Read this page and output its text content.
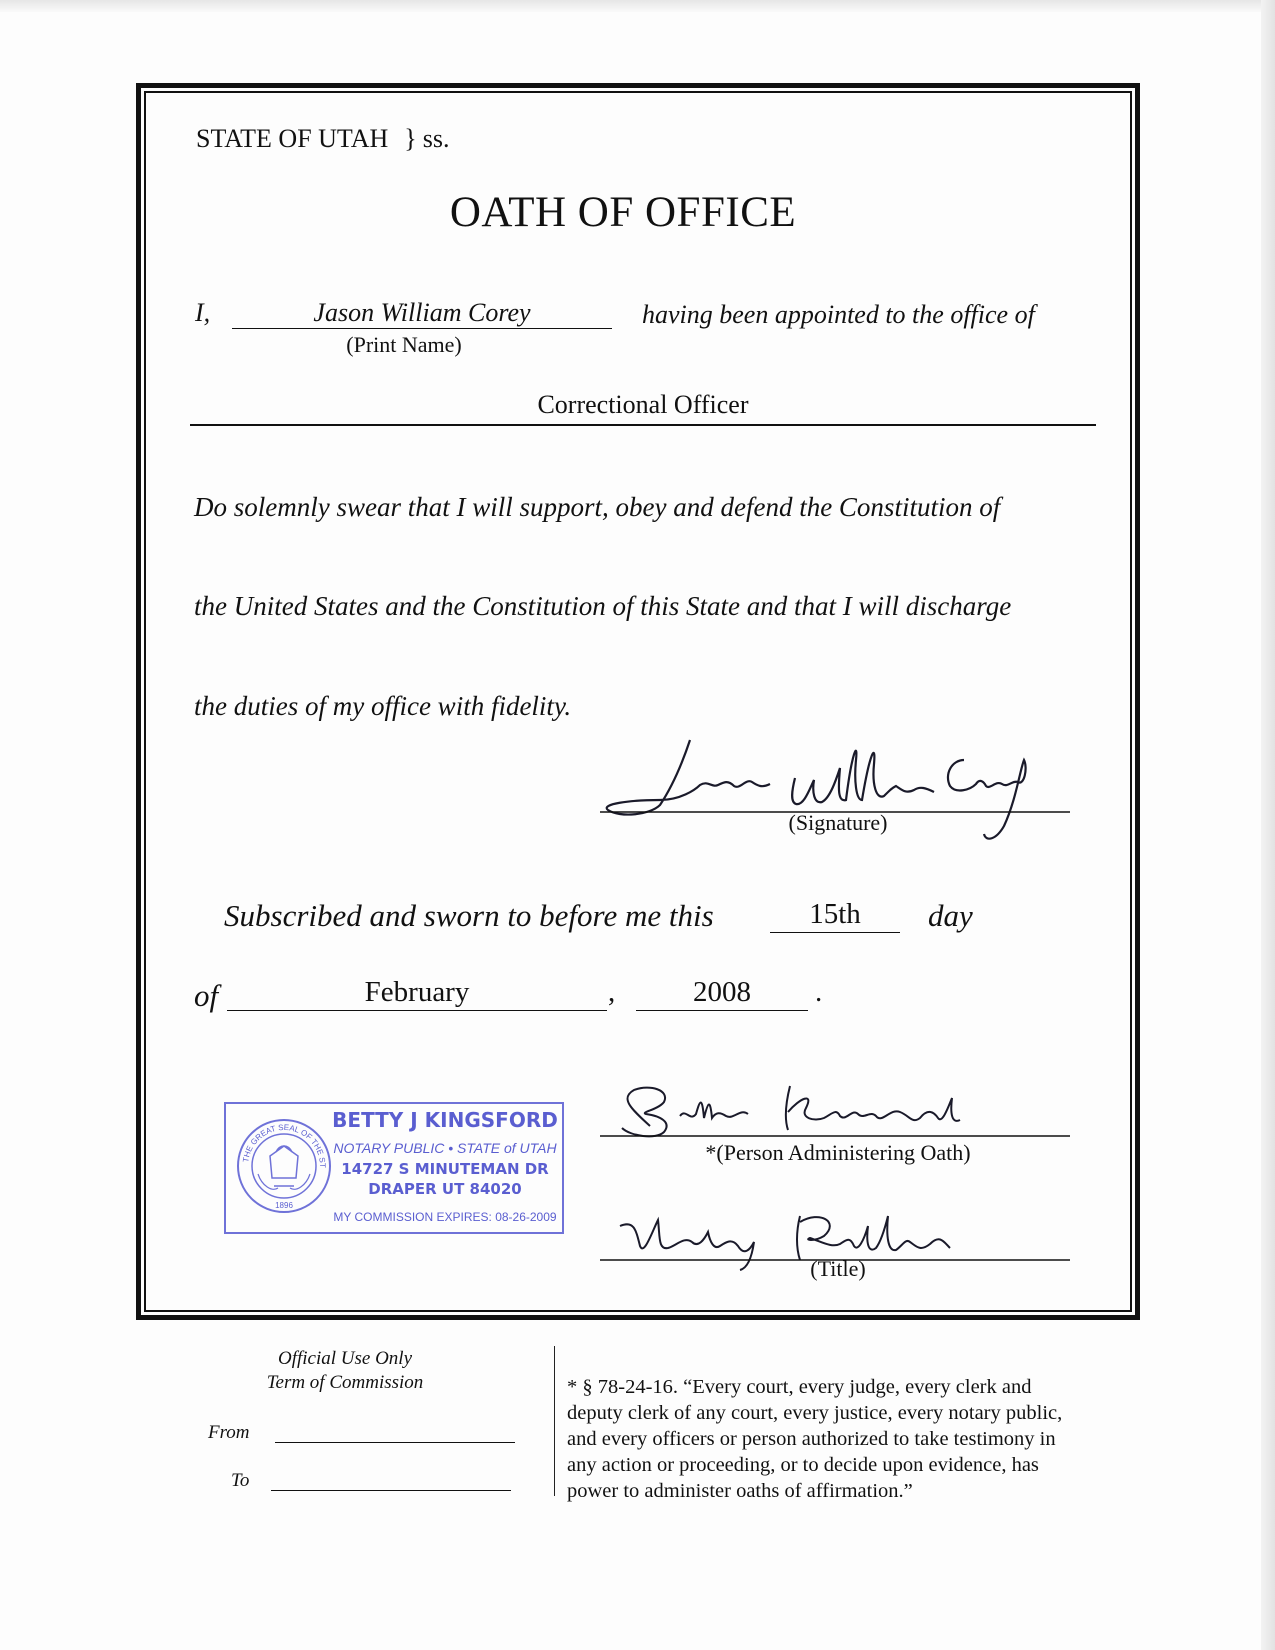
STATE OF UTAH } ss.
OATH OF OFFICE
I,	Jason William Corey
(Print Name)
having been appointed to the office of
Correctional Officer
Do solemnly swear that I will support, obey and defend the Constitution of
the United States and the Constitution of this State and that I will discharge
the duties of my office with fidelity.
(Signature)
Subscribed and sworn to before me this	15th	day
of	February	,	2008	.
THE GREAT SEAL OF THE STATE OF UTAH
1896
BETTY J KINGSFORD
NOTARY PUBLIC • STATE of UTAH
14727 S MINUTEMAN DR
DRAPER UT 84020
MY COMMISSION EXPIRES: 08-26-2009
*(Person Administering Oath)
(Title)
Official Use Only
Term of Commission
From
To
* § 78-24-16. “Every court, every judge, every clerk and
deputy clerk of any court, every justice, every notary public,
and every officers or person authorized to take testimony in
any action or proceeding, or to decide upon evidence, has
power to administer oaths of affirmation.”
